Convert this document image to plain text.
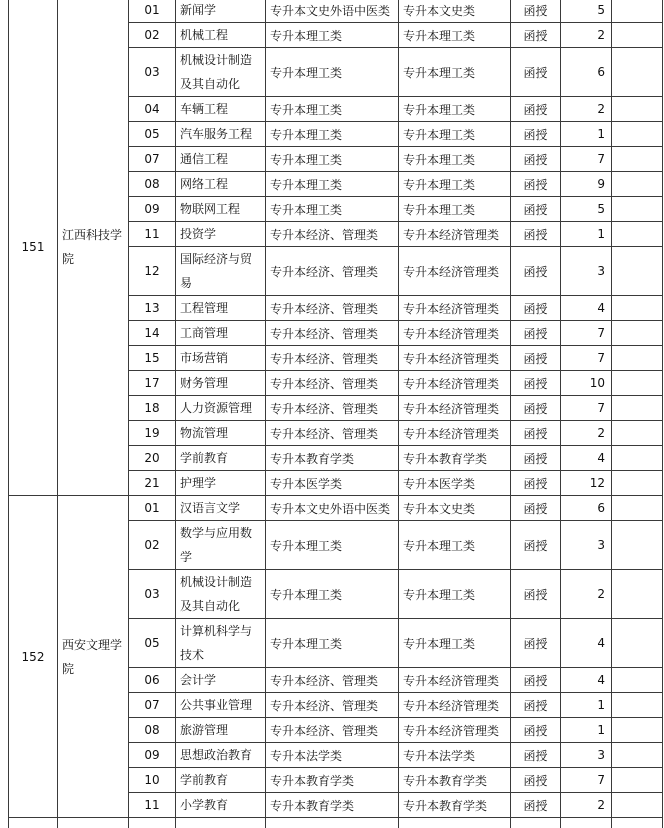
151	江西科技学院	01	新闻学	专升本文史外语中医类	专升本文史类	函授	5	
		02	机械工程	专升本理工类	专升本理工类	函授	2	
		03	机械设计制造及其自动化	专升本理工类	专升本理工类	函授	6	
		04	车辆工程	专升本理工类	专升本理工类	函授	2	
		05	汽车服务工程	专升本理工类	专升本理工类	函授	1	
		07	通信工程	专升本理工类	专升本理工类	函授	7	
		08	网络工程	专升本理工类	专升本理工类	函授	9	
		09	物联网工程	专升本理工类	专升本理工类	函授	5	
		11	投资学	专升本经济、管理类	专升本经济管理类	函授	1	
		12	国际经济与贸易	专升本经济、管理类	专升本经济管理类	函授	3	
		13	工程管理	专升本经济、管理类	专升本经济管理类	函授	4	
		14	工商管理	专升本经济、管理类	专升本经济管理类	函授	7	
		15	市场营销	专升本经济、管理类	专升本经济管理类	函授	7	
		17	财务管理	专升本经济、管理类	专升本经济管理类	函授	10	
		18	人力资源管理	专升本经济、管理类	专升本经济管理类	函授	7	
		19	物流管理	专升本经济、管理类	专升本经济管理类	函授	2	
		20	学前教育	专升本教育学类	专升本教育学类	函授	4	
		21	护理学	专升本医学类	专升本医学类	函授	12	
152	西安文理学院	01	汉语言文学	专升本文史外语中医类	专升本文史类	函授	6	
		02	数学与应用数学	专升本理工类	专升本理工类	函授	3	
		03	机械设计制造及其自动化	专升本理工类	专升本理工类	函授	2	
		05	计算机科学与技术	专升本理工类	专升本理工类	函授	4	
		06	会计学	专升本经济、管理类	专升本经济管理类	函授	4	
		07	公共事业管理	专升本经济、管理类	专升本经济管理类	函授	1	
		08	旅游管理	专升本经济、管理类	专升本经济管理类	函授	1	
		09	思想政治教育	专升本法学类	专升本法学类	函授	3	
		10	学前教育	专升本教育学类	专升本教育学类	函授	7	
		11	小学教育	专升本教育学类	专升本教育学类	函授	2	
